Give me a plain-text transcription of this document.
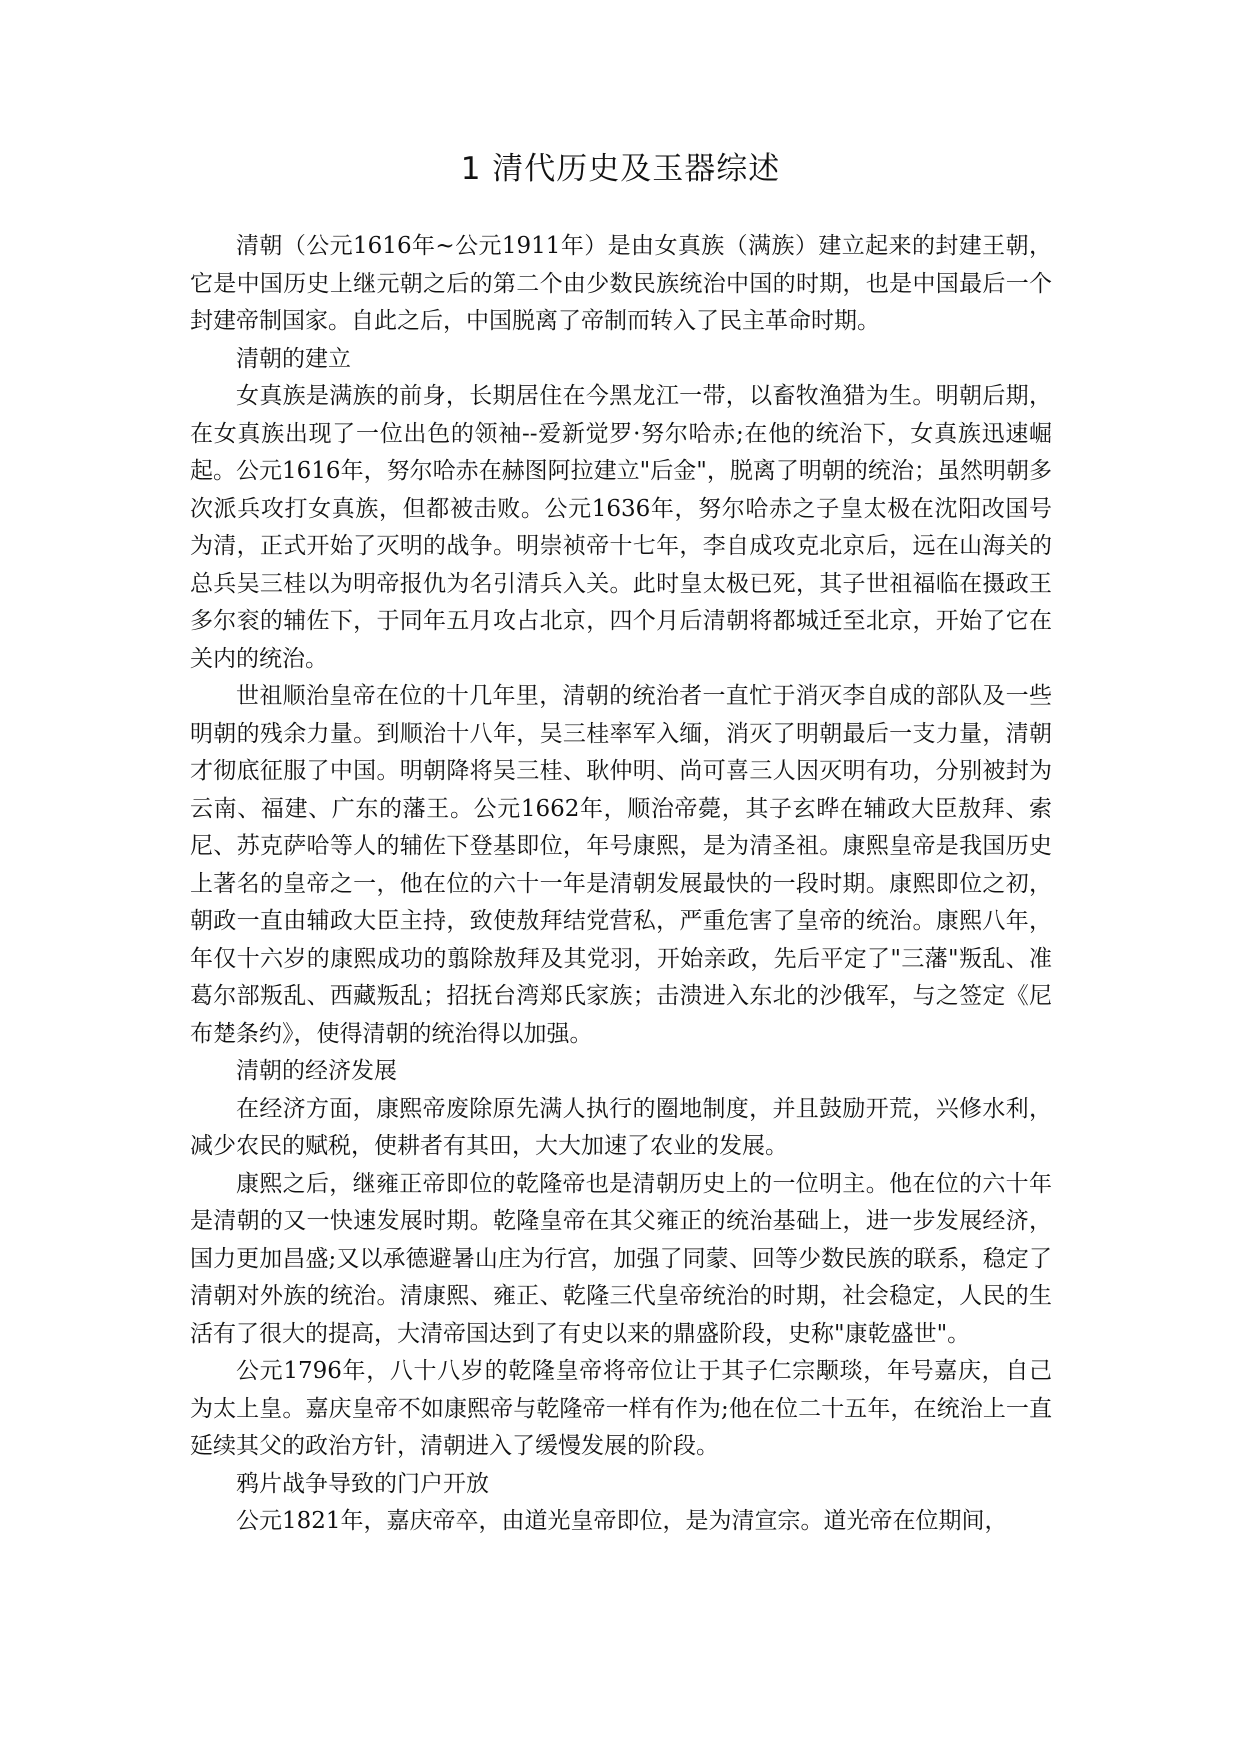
1 清代历史及玉器综述

清朝（公元1616年~公元1911年）是由女真族（满族）建立起来的封建王朝，它是中国历史上继元朝之后的第二个由少数民族统治中国的时期，也是中国最后一个封建帝制国家。自此之后，中国脱离了帝制而转入了民主革命时期。

清朝的建立

女真族是满族的前身，长期居住在今黑龙江一带，以畜牧渔猎为生。明朝后期，在女真族出现了一位出色的领袖--爱新觉罗·努尔哈赤;在他的统治下，女真族迅速崛起。公元1616年，努尔哈赤在赫图阿拉建立"后金"，脱离了明朝的统治；虽然明朝多次派兵攻打女真族，但都被击败。公元1636年，努尔哈赤之子皇太极在沈阳改国号为清，正式开始了灭明的战争。明崇祯帝十七年，李自成攻克北京后，远在山海关的总兵吴三桂以为明帝报仇为名引清兵入关。此时皇太极已死，其子世祖福临在摄政王多尔衮的辅佐下，于同年五月攻占北京，四个月后清朝将都城迁至北京，开始了它在关内的统治。

世祖顺治皇帝在位的十几年里，清朝的统治者一直忙于消灭李自成的部队及一些明朝的残余力量。到顺治十八年，吴三桂率军入缅，消灭了明朝最后一支力量，清朝才彻底征服了中国。明朝降将吴三桂、耿仲明、尚可喜三人因灭明有功，分别被封为云南、福建、广东的藩王。公元1662年，顺治帝薨，其子玄晔在辅政大臣敖拜、索尼、苏克萨哈等人的辅佐下登基即位，年号康熙，是为清圣祖。康熙皇帝是我国历史上著名的皇帝之一，他在位的六十一年是清朝发展最快的一段时期。康熙即位之初，朝政一直由辅政大臣主持，致使敖拜结党营私，严重危害了皇帝的统治。康熙八年，年仅十六岁的康熙成功的翦除敖拜及其党羽，开始亲政，先后平定了"三藩"叛乱、准葛尔部叛乱、西藏叛乱；招抚台湾郑氏家族；击溃进入东北的沙俄军，与之签定《尼布楚条约》，使得清朝的统治得以加强。

清朝的经济发展

在经济方面，康熙帝废除原先满人执行的圈地制度，并且鼓励开荒，兴修水利，减少农民的赋税，使耕者有其田，大大加速了农业的发展。

康熙之后，继雍正帝即位的乾隆帝也是清朝历史上的一位明主。他在位的六十年是清朝的又一快速发展时期。乾隆皇帝在其父雍正的统治基础上，进一步发展经济，国力更加昌盛;又以承德避暑山庄为行宫，加强了同蒙、回等少数民族的联系，稳定了清朝对外族的统治。清康熙、雍正、乾隆三代皇帝统治的时期，社会稳定，人民的生活有了很大的提高，大清帝国达到了有史以来的鼎盛阶段，史称"康乾盛世"。

公元1796年，八十八岁的乾隆皇帝将帝位让于其子仁宗颙琰，年号嘉庆，自己为太上皇。嘉庆皇帝不如康熙帝与乾隆帝一样有作为;他在位二十五年，在统治上一直延续其父的政治方针，清朝进入了缓慢发展的阶段。

鸦片战争导致的门户开放

公元1821年，嘉庆帝卒，由道光皇帝即位，是为清宣宗。道光帝在位期间，
